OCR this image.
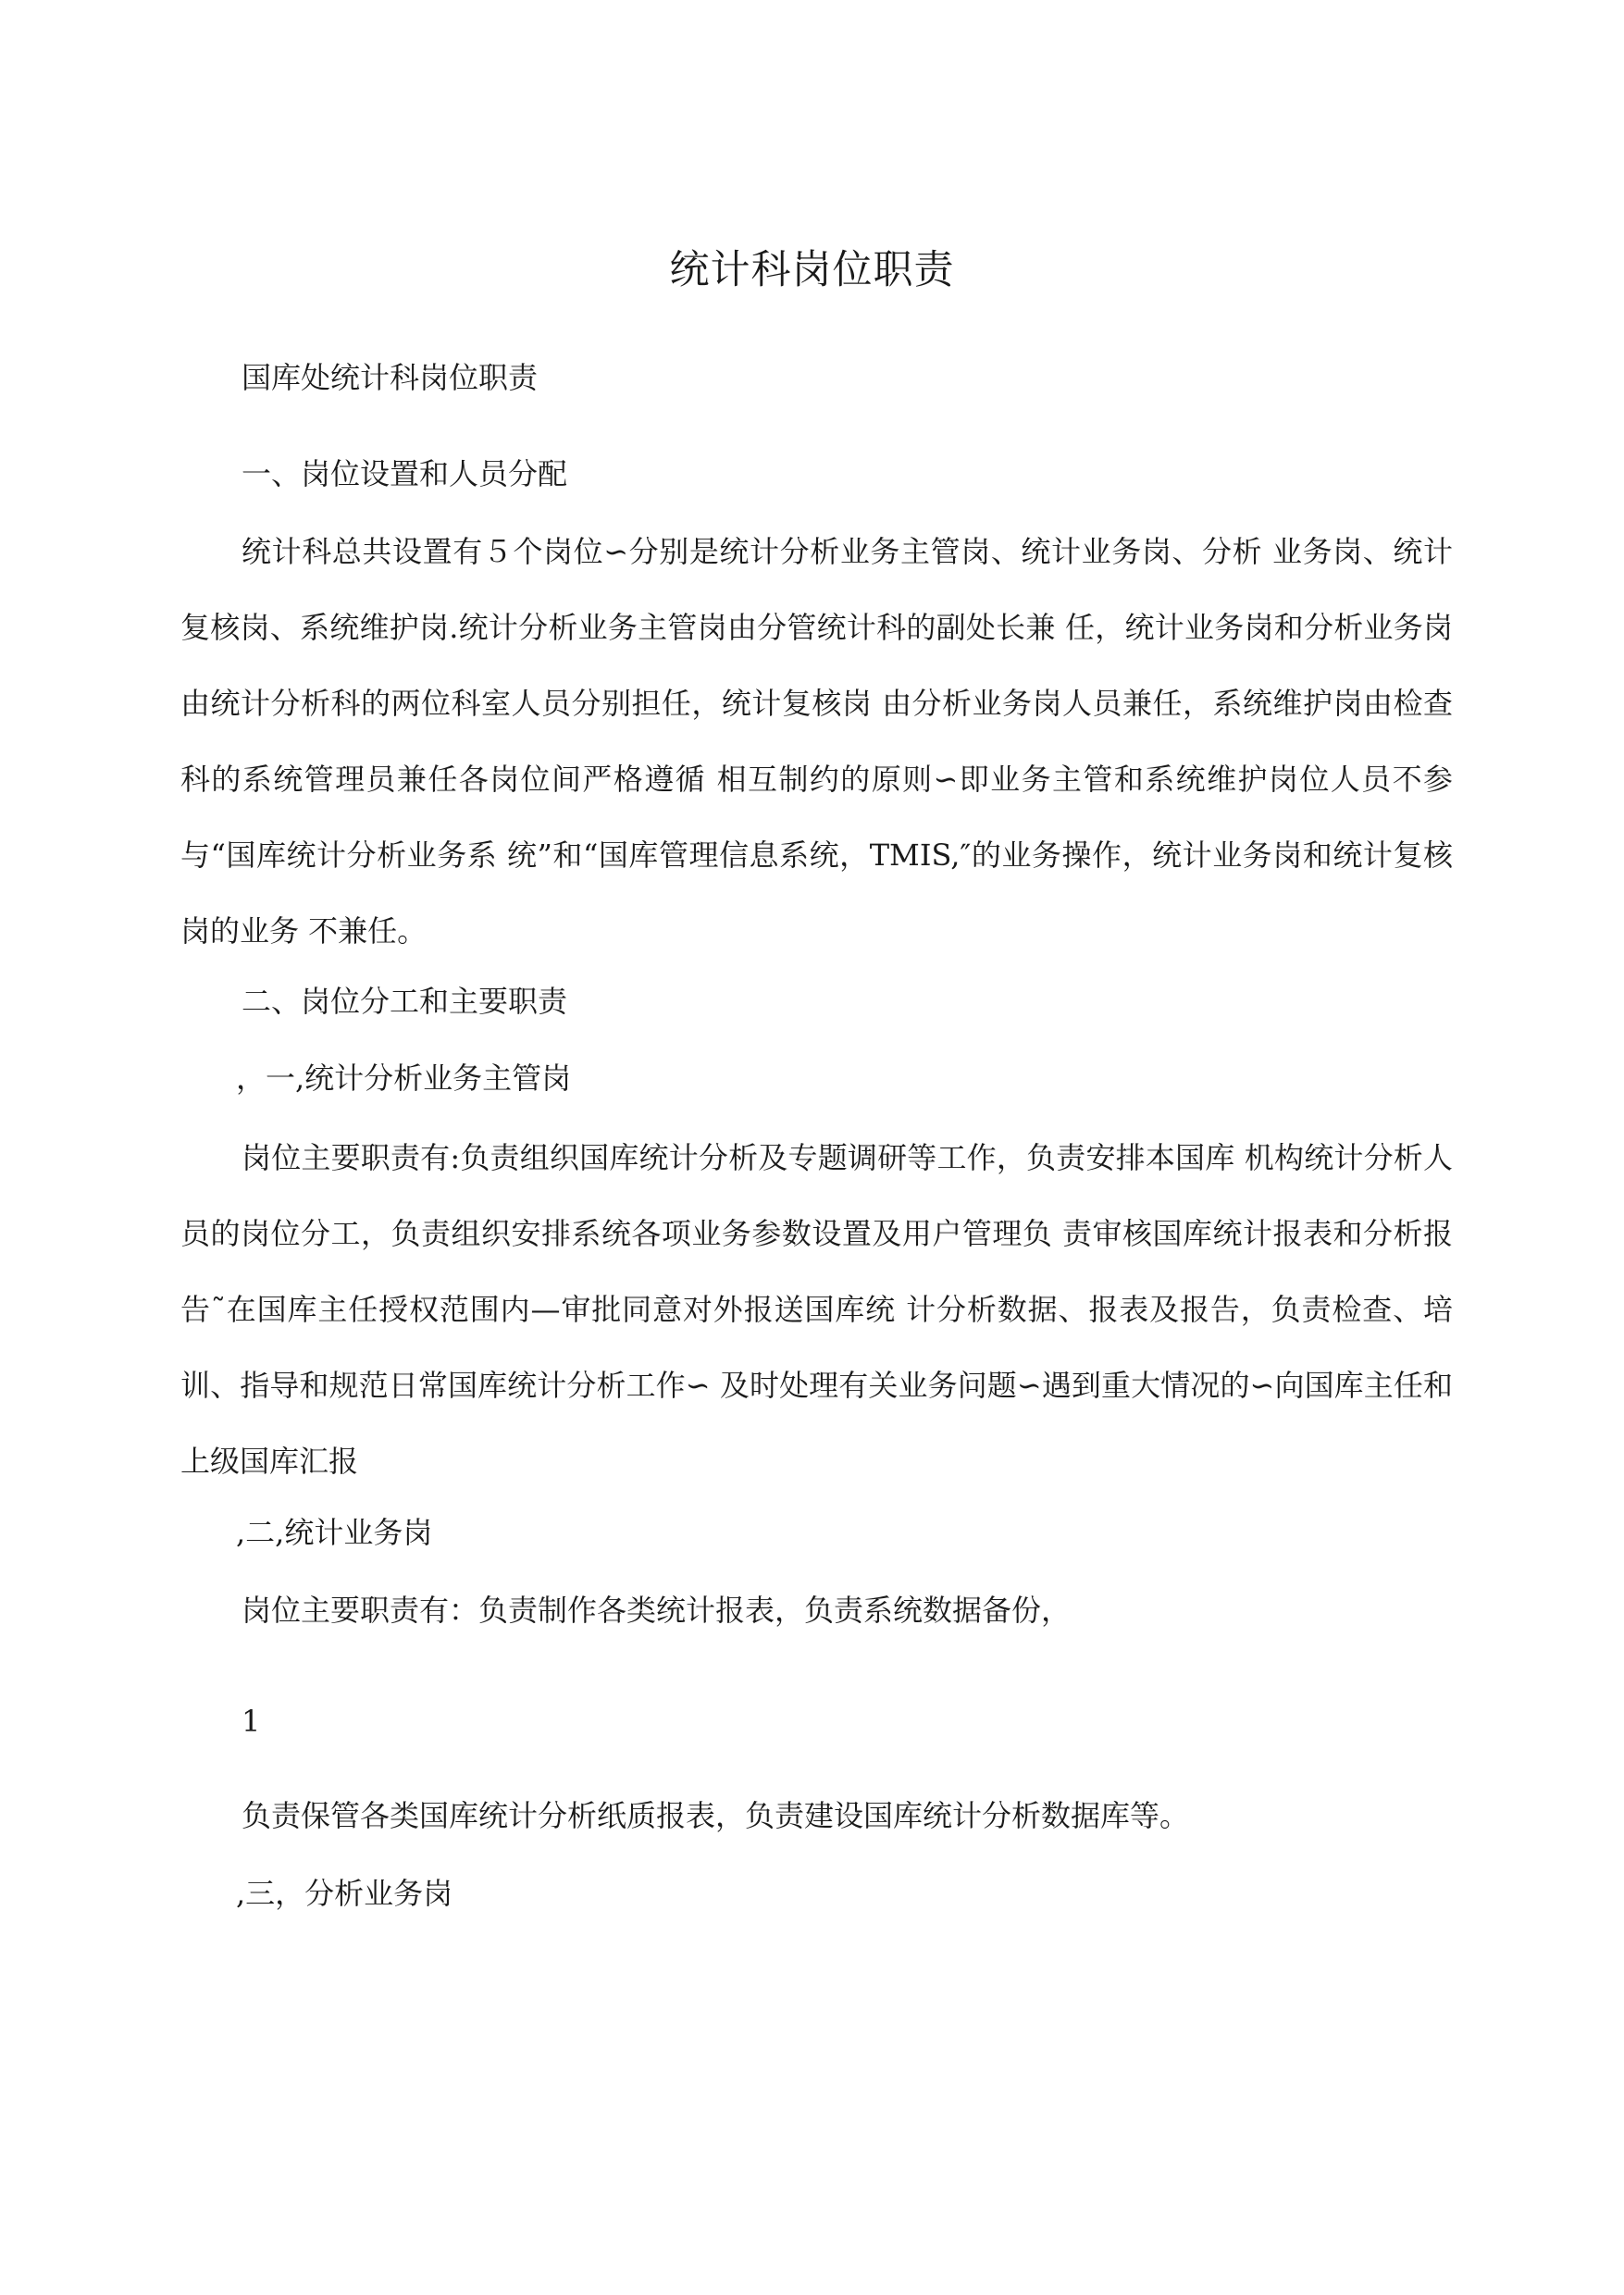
统计科岗位职责
国库处统计科岗位职责
一、岗位设置和人员分配
统计科总共设置有５个岗位∽分别是统计分析业务主管岗、统计业务岗、分析 业务岗、统计复核岗、系统维护岗.统计分析业务主管岗由分管统计科的副处长兼 任，统计业务岗和分析业务岗由统计分析科的两位科室人员分别担任，统计复核岗 由分析业务岗人员兼任，系统维护岗由检查科的系统管理员兼任各岗位间严格遵循 相互制约的原则∽即业务主管和系统维护岗位人员不参与“国库统计分析业务系 统”和“国库管理信息系统，TMIS,″的业务操作，统计业务岗和统计复核岗的业务 不兼任。
二、岗位分工和主要职责
，一,统计分析业务主管岗
岗位主要职责有:负责组织国库统计分析及专题调研等工作，负责安排本国库 机构统计分析人员的岗位分工，负责组织安排系统各项业务参数设置及用户管理负 责审核国库统计报表和分析报告˜在国库主任授权范围内—审批同意对外报送国库统 计分析数据、报表及报告，负责检查、培训、指导和规范日常国库统计分析工作∽ 及时处理有关业务问题∽遇到重大情况的∽向国库主任和上级国库汇报
,二,统计业务岗
岗位主要职责有：负责制作各类统计报表，负责系统数据备份，
1
负责保管各类国库统计分析纸质报表，负责建设国库统计分析数据库等。
,三，分析业务岗
